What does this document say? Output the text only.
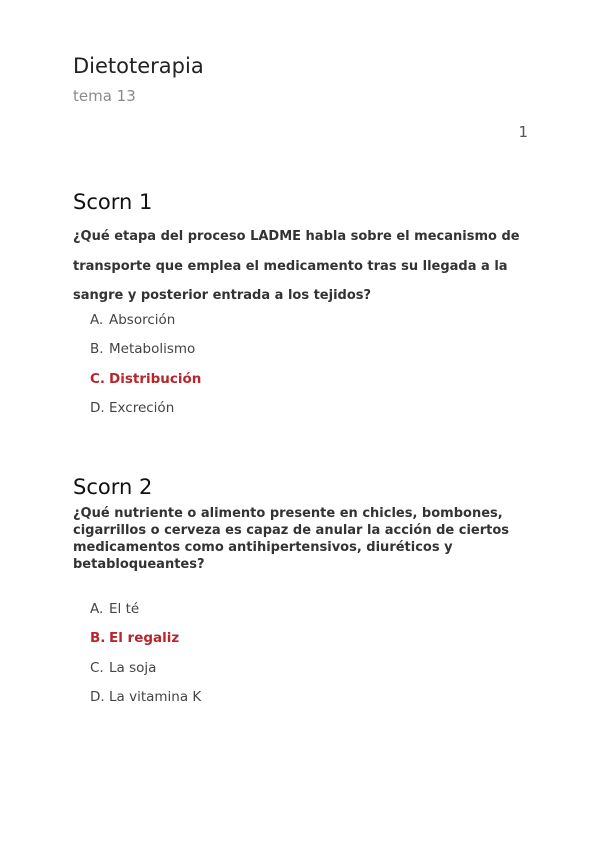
Dietoterapia
tema 13
1
Scorn 1

¿Qué etapa del proceso LADME habla sobre el mecanismo de transporte que emplea el medicamento tras su llegada a la sangre y posterior entrada a los tejidos?

A. Absorción
B. Metabolismo
C. Distribución
D. Excreción
Scorn 2

¿Qué nutriente o alimento presente en chicles, bombones, cigarrillos o cerveza es capaz de anular la acción de ciertos medicamentos como antihipertensivos, diuréticos y betabloqueantes?

A. El té
B. El regaliz
C. La soja
D. La vitamina K
